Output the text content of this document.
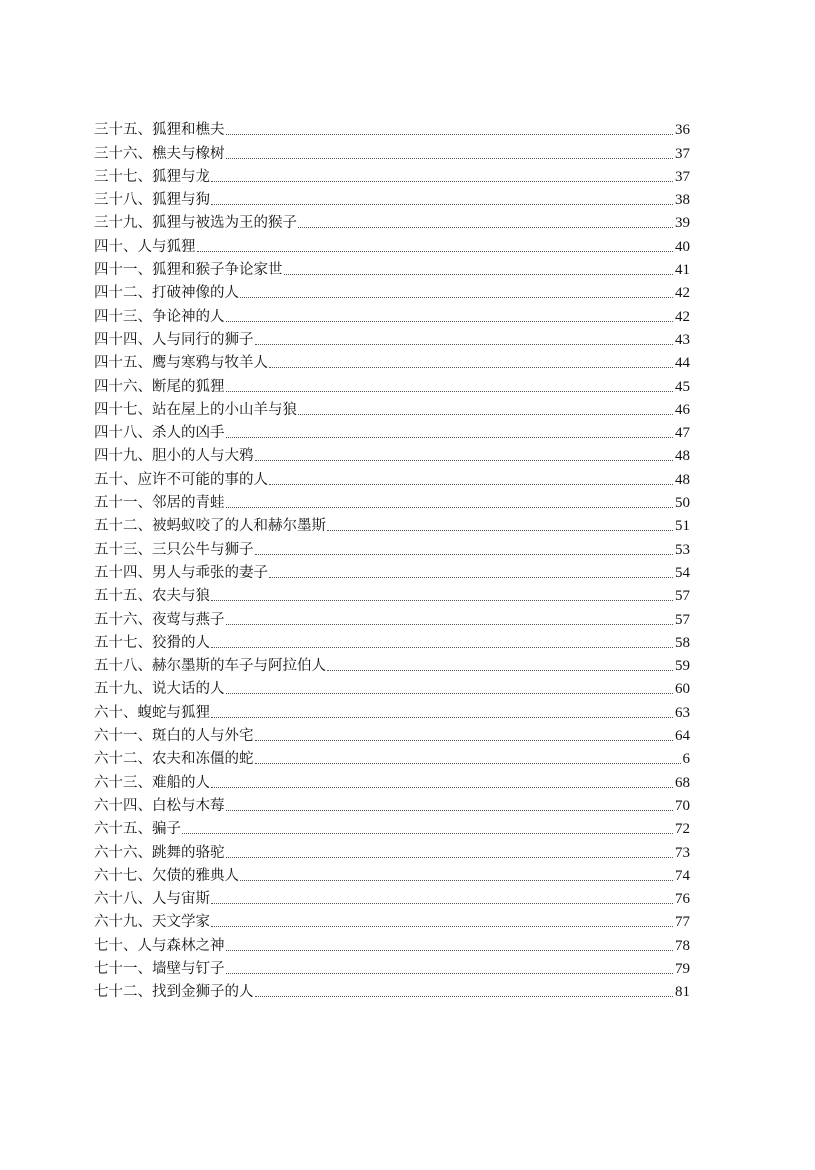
三十五、狐狸和樵夫	36
三十六、樵夫与橡树	37
三十七、狐狸与龙	37
三十八、狐狸与狗	38
三十九、狐狸与被选为王的猴子	39
四十、人与狐狸	40
四十一、狐狸和猴子争论家世	41
四十二、打破神像的人	42
四十三、争论神的人	42
四十四、人与同行的狮子	43
四十五、鹰与寒鸦与牧羊人	44
四十六、断尾的狐狸	45
四十七、站在屋上的小山羊与狼	46
四十八、杀人的凶手	47
四十九、胆小的人与大鸦	48
五十、应许不可能的事的人	48
五十一、邻居的青蛙	50
五十二、被蚂蚁咬了的人和赫尔墨斯	51
五十三、三只公牛与狮子	53
五十四、男人与乖张的妻子	54
五十五、农夫与狼	57
五十六、夜莺与燕子	57
五十七、狡猾的人	58
五十八、赫尔墨斯的车子与阿拉伯人	59
五十九、说大话的人	60
六十、蝮蛇与狐狸	63
六十一、斑白的人与外宅	64
六十二、农夫和冻僵的蛇	6
六十三、难船的人	68
六十四、白松与木莓	70
六十五、骗子	72
六十六、跳舞的骆驼	73
六十七、欠债的雅典人	74
六十八、人与宙斯	76
六十九、天文学家	77
七十、人与森林之神	78
七十一、墙壁与钉子	79
七十二、找到金狮子的人	81
